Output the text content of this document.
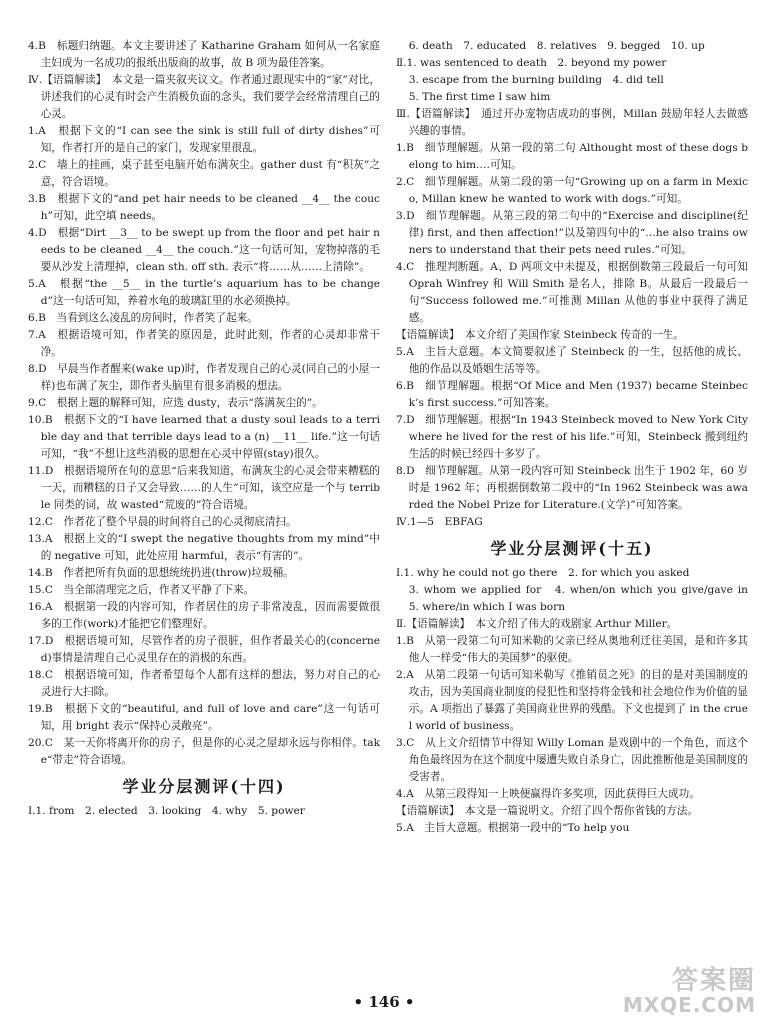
4.B　标题归纳题。本文主要讲述了 Katharine Graham 如何从一名家庭主妇成为一名成功的报纸出版商的故事，故 B 项为最佳答案。

Ⅳ.【语篇解读】　本文是一篇夹叙夹议文。作者通过跟现实中的“家”对比，讲述我们的心灵有时会产生消极负面的念头，我们要学会经常清理自己的心灵。

1.A　根据下文的“I can see the sink is still full of dirty dishes”可知，作者打开的是自己的家门，发现家里很乱。

2.C　墙上的挂画，桌子甚至电脑开始布满灰尘。gather dust 有“积灰”之意，符合语境。

3.B　根据下文的“and pet hair needs to be cleaned __4__ the couch”可知，此空填 needs。

4.D　根据“Dirt __3__ to be swept up from the floor and pet hair needs to be cleaned __4__ the couch.”这一句话可知，宠物掉落的毛要从沙发上清理掉，clean sth. off sth. 表示“将……从……上清除”。

5.A　根据“the __5__ in the turtle’s aquarium has to be changed”这一句话可知，养着水龟的玻璃缸里的水必须换掉。

6.B　当看到这么凌乱的房间时，作者笑了起来。

7.A　根据语境可知，作者笑的原因是，此时此刻，作者的心灵却非常干净。

8.D　早晨当作者醒来(wake up)时，作者发现自己的心灵(同自己的小屋一样)也布满了灰尘，即作者头脑里有很多消极的想法。

9.C　根据上题的解释可知，应选 dusty，表示“落满灰尘的”。

10.B　根据下文的“I have learned that a dusty soul leads to a terrible day and that terrible days lead to a (n) __11__ life.”这一句话可知，“我”不想让这些消极的思想在心灵中停留(stay)很久。

11.D　根据语境所在句的意思“后来我知道，布满灰尘的心灵会带来糟糕的一天，而糟糕的日子又会导致……的人生”可知，该空应是一个与 terrible 同类的词，故 wasted“荒废的”符合语境。

12.C　作者花了整个早晨的时间将自己的心灵彻底清扫。

13.A　根据上文的“I swept the negative thoughts from my mind”中的 negative 可知，此处应用 harmful，表示“有害的”。

14.B　作者把所有负面的思想统统扔进(throw)垃圾桶。

15.C　当全部清理完之后，作者又平静了下来。

16.A　根据第一段的内容可知，作者居住的房子非常凌乱，因而需要做很多的工作(work)才能把它们整理好。

17.D　根据语境可知，尽管作者的房子很脏，但作者最关心的(concerned)事情是清理自己心灵里存在的消极的东西。

18.C　根据语境可知，作者希望每个人都有这样的想法，努力对自己的心灵进行大扫除。

19.B　根据下文的“beautiful, and full of love and care”这一句话可知，用 bright 表示“保持心灵敞亮”。

20.C　某一天你将离开你的房子，但是你的心灵之屋却永远与你相伴。take“带走”符合语境。

学业分层测评(十四)

Ⅰ.1. from　2. elected　3. looking　4. why　5. power

6. death　7. educated　8. relatives　9. begged　10. up

Ⅱ.1. was sentenced to death　2. beyond my power

3. escape from the burning building　4. did tell

5. The first time I saw him

Ⅲ.【语篇解读】　通过开办宠物店成功的事例，Millan 鼓励年轻人去做感兴趣的事情。

1.B　细节理解题。从第一段的第二句 Althought most of these dogs belong to him.…可知。

2.C　细节理解题。从第二段的第一句“Growing up on a farm in Mexico, Millan knew he wanted to work with dogs.”可知。

3.D　细节理解题。从第三段的第二句中的“Exercise and discipline(纪律) first, and then affection!”以及第四句中的“…he also trains owners to understand that their pets need rules.”可知。

4.C　推理判断题。A、D 两项文中未提及，根据倒数第三段最后一句可知 Oprah Winfrey 和 Will Smith 是名人，排除 B。从最后一段最后一句“Success followed me.”可推测 Millan 从他的事业中获得了满足感。

【语篇解读】　本文介绍了美国作家 Steinbeck 传奇的一生。

5.A　主旨大意题。本文简要叙述了 Steinbeck 的一生，包括他的成长、他的作品以及婚姻生活等等。

6.B　细节理解题。根据“Of Mice and Men (1937) became Steinbeck’s first success.”可知答案。

7.D　细节理解题。根据“In 1943 Steinbeck moved to New York City where he lived for the rest of his life.”可知，Steinbeck 搬到纽约生活的时候已经四十多岁了。

8.D　细节理解题。从第一段内容可知 Steinbeck 出生于 1902 年，60 岁时是 1962 年；再根据倒数第二段中的“In 1962 Steinbeck was awarded the Nobel Prize for Literature.(文学)”可知答案。

Ⅳ.1—5　EBFAG

学业分层测评(十五)

Ⅰ.1. why he could not go there　2. for which you asked

3. whom we applied for　4. when/on which you give/gave in　5. where/in which I was born

Ⅱ.【语篇解读】　本文介绍了伟大的戏剧家 Arthur Miller。

1.B　从第一段第二句可知米勒的父亲已经从奥地利迁往美国，是和许多其他人一样受“伟大的美国梦”的驱使。

2.A　从第二段第一句话可知米勒写《推销员之死》的目的是对美国制度的攻击，因为美国商业制度的侵犯性和坚持将金钱和社会地位作为价值的显示。A 项指出了暴露了美国商业世界的残酷。下文也提到了 in the cruel world of business。

3.C　从上文介绍情节中得知 Willy Loman 是戏剧中的一个角色，而这个角色最终因为在这个制度中屡遭失败自杀身亡，因此推断他是美国制度的受害者。

4.A　从第三段得知一上映便赢得许多奖项，因此获得巨大成功。

【语篇解读】　本文是一篇说明文。介绍了四个帮你省钱的方法。

5.A　主旨大意题。根据第一段中的“To help you

• 146 •
答案圈
MXQE.COM
